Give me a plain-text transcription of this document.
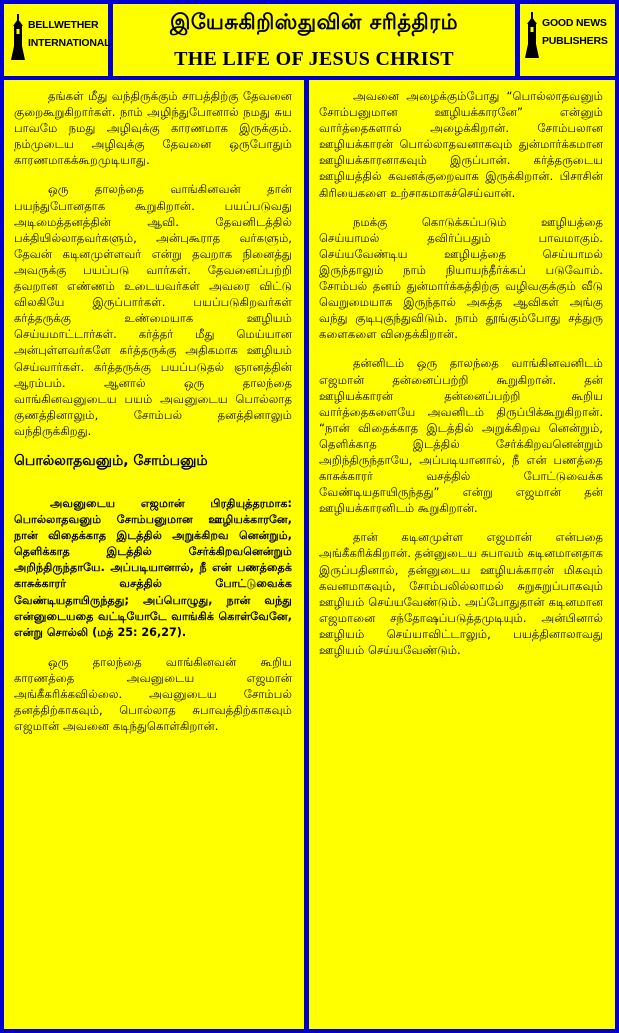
BELLWETHER
INTERNATIONAL
இயேசுகிறிஸ்துவின் சரித்திரம்
THE LIFE OF JESUS CHRIST
GOOD NEWS
PUBLISHERS

தங்கள் மீது வந்திருக்கும் சாபத்திற்கு தேவனை குறைகூறுகிறார்கள். நாம் அழிந்துபோனால் நமது சுய பாவமே நமது அழிவுக்கு காரணமாக இருக்கும். நம்முடைய அழிவுக்கு தேவனை ஒருபோதும் காரணமாகக்கூறமுடியாது.

ஒரு தாலந்தை வாங்கினவன் தான் பயந்துபோனதாக கூறுகிறான். பயப்படுவது அடிமைத்தனத்தின் ஆவி. தேவனிடத்தில் பக்தியில்லாதவர்களும், அன்புகூராத வர்களும், தேவன் கடினமுள்ளவர் என்று தவறாக நினைத்து அவருக்கு பயப்படு வார்கள். தேவனைப்பற்றி தவறான எண்ணம் உடையவர்கள் அவரை விட்டு விலகியே இருப்பார்கள். பயப்படுகிறவர்கள் கர்த்தருக்கு உண்மையாக ஊழியம் செய்யமாட்டார்கள். கர்த்தர் மீது மெய்யான அன்புள்ளவர்களே கர்த்தருக்கு அதிகமாக ஊழியம் செய்வார்கள். கர்த்தருக்கு பயப்படுதல் ஞானத்தின் ஆரம்பம். ஆனால் ஒரு தாலந்தை வாங்கினவனுடைய பயம் அவனுடைய பொல்லாத குணத்தினாலும், சோம்பல் தனத்தினாலும் வந்திருக்கிறது.

பொல்லாதவனும், சோம்பனும்

அவனுடைய எஜமான் பிரதியுத்தரமாக: பொல்லாதவனும் சோம்பனுமான ஊழியக்காரனே, நான் விதைக்காத இடத்தில் அறுக்கிறவ னென்றும், தெளிக்காத இடத்தில் சேர்க்கிறவனென்றும் அறிந்திருந்தாயே. அப்படியானால், நீ என் பணத்தைக் காசுக்காரர் வசத்தில் போட்டுவைக்க வேண்டியதாயிருந்தது; அப்பொழுது, நான் வந்து என்னுடையதை வட்டியோடே வாங்கிக் கொள்வேனே, என்று சொல்லி (மத் 25: 26,27).

ஒரு தாலந்தை வாங்கினவன் கூறிய காரணத்தை அவனுடைய எஜமான் அங்கீகரிக்கவில்லை. அவனுடைய சோம்பல் தனத்திற்காகவும், பொல்லாத சுபாவத்திற்காகவும் எஜமான் அவனை கடிந்துகொள்கிறான்.

அவனை அழைக்கும்போது “பொல்லாதவனும் சோம்பனுமான ஊழியக்காரனே” என்னும் வார்த்தைகளால் அழைக்கிறான். சோம்பலான ஊழியக்காரன் பொல்லாதவனாகவும் துன்மார்க்கமான ஊழியக்காரனாகவும் இருப்பான். கர்த்தருடைய ஊழியத்தில் கவனக்குறைவாக இருக்கிறான். பிசாசின் கிரியைகளை உற்சாகமாகச்செய்வான்.

நமக்கு கொடுக்கப்படும் ஊழியத்தை செய்யாமல் தவிர்ப்பதும் பாவமாகும். செய்யவேண்டிய ஊழியத்தை செய்யாமல் இருந்தாலும் நாம் நியாயந்தீர்க்கப் படுவோம். சோம்பல் தனம் துன்மார்க்கத்திற்கு வழிவகுக்கும் வீடு வெறுமையாக இருந்தால் அசுத்த ஆவிகள் அங்கு வந்து குடிபுகுந்துவிடும். நாம் தூங்கும்போது சத்துரு களைகளை விதைக்கிறான்.

தன்னிடம் ஒரு தாலந்தை வாங்கினவனிடம் எஜமான் தன்னைப்பற்றி கூறுகிறான். தன் ஊழியக்காரன் தன்னைப்பற்றி கூறிய வார்த்தைகளையே அவனிடம் திருப்பிக்கூறுகிறான். “நான் விதைக்காத இடத்தில் அறுக்கிறவ னென்றும், தெளிக்காத இடத்தில் சேர்க்கிறவனென்றும் அறிந்திருந்தாயே, அப்படியானால், நீ என் பணத்தை காசுக்காரர் வசத்தில் போட்டுவைக்க வேண்டியதாயிருந்தது” என்று எஜமான் தன் ஊழியக்காரனிடம் கூறுகிறான்.

தான் கடினமுள்ள எஜமான் என்பதை அங்கீகரிக்கிறான். தன்னுடைய சுபாவம் கடினமானதாக இருப்பதினால், தன்னுடைய ஊழியக்காரன் மிகவும் கவனமாகவும், சோம்பலில்லாமல் சுறுசுறுப்பாகவும் ஊழியம் செய்யவேண்டும். அப்போதுதான் கடினமான எஜமானை சந்தோஷப்படுத்தமுடியும். அன்பினால் ஊழியம் செய்யாவிட்டாலும், பயத்தினாலாவது ஊழியம் செய்யவேண்டும்.
